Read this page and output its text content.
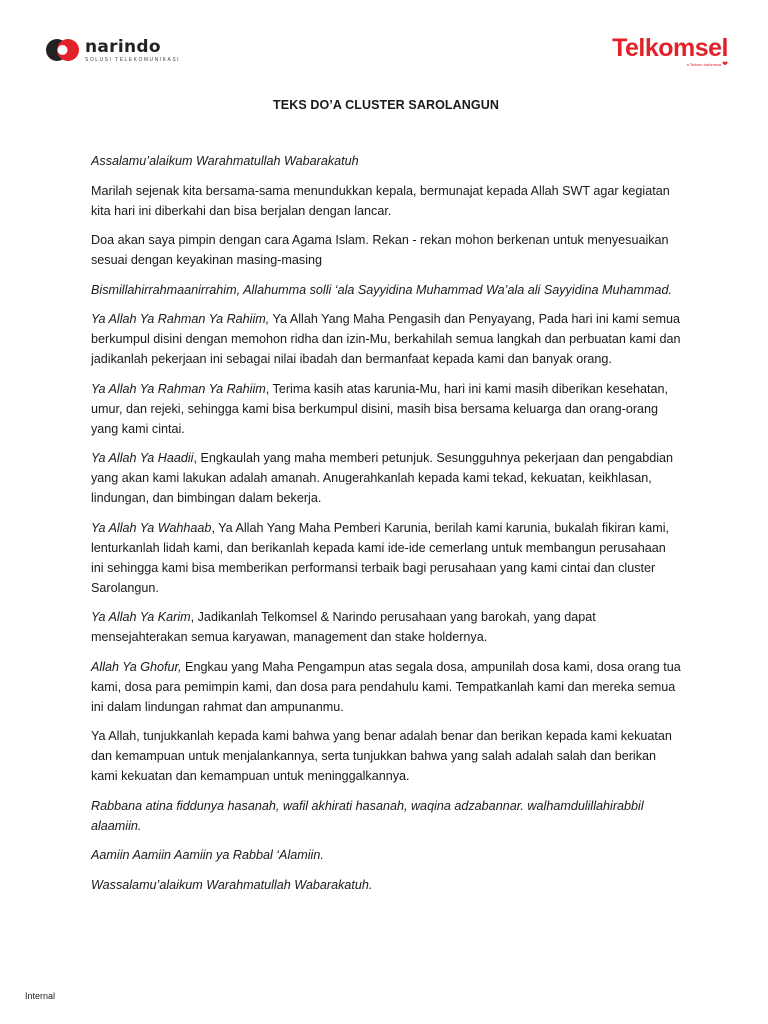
narindo
SOLUSI TELEKOMUNIKASI	Telkomsel
a Telkom Indonesia ❤
TEKS DO’A CLUSTER SAROLANGUN

Assalamu’alaikum Warahmatullah Wabarakatuh

Marilah sejenak kita bersama-sama menundukkan kepala, bermunajat kepada Allah SWT agar kegiatan kita hari ini diberkahi dan bisa berjalan dengan lancar.

Doa akan saya pimpin dengan cara Agama Islam. Rekan - rekan mohon berkenan untuk menyesuaikan sesuai dengan keyakinan masing-masing

Bismillahirrahmaanirrahim, Allahumma solli ‘ala Sayyidina Muhammad Wa’ala ali Sayyidina Muhammad.

Ya Allah Ya Rahman Ya Rahiim, Ya Allah Yang Maha Pengasih dan Penyayang, Pada hari ini kami semua berkumpul disini dengan memohon ridha dan izin-Mu, berkahilah semua langkah dan perbuatan kami dan jadikanlah pekerjaan ini sebagai nilai ibadah dan bermanfaat kepada kami dan banyak orang.

Ya Allah Ya Rahman Ya Rahiim, Terima kasih atas karunia-Mu, hari ini kami masih diberikan kesehatan, umur, dan rejeki, sehingga kami bisa berkumpul disini, masih bisa bersama keluarga dan orang-orang yang kami cintai.

Ya Allah Ya Haadii, Engkaulah yang maha memberi petunjuk. Sesungguhnya pekerjaan dan pengabdian yang akan kami lakukan adalah amanah. Anugerahkanlah kepada kami tekad, kekuatan, keikhlasan, lindungan, dan bimbingan dalam bekerja.

Ya Allah Ya Wahhaab, Ya Allah Yang Maha Pemberi Karunia, berilah kami karunia, bukalah fikiran kami, lenturkanlah lidah kami, dan berikanlah kepada kami ide-ide cemerlang untuk membangun perusahaan ini sehingga kami bisa memberikan performansi terbaik bagi perusahaan yang kami cintai dan cluster Sarolangun.

Ya Allah Ya Karim, Jadikanlah Telkomsel & Narindo perusahaan yang barokah, yang dapat mensejahterakan semua karyawan, management dan stake holdernya.

Allah Ya Ghofur, Engkau yang Maha Pengampun atas segala dosa, ampunilah dosa kami, dosa orang tua kami, dosa para pemimpin kami, dan dosa para pendahulu kami. Tempatkanlah kami dan mereka semua ini dalam lindungan rahmat dan ampunanmu.

Ya Allah, tunjukkanlah kepada kami bahwa yang benar adalah benar dan berikan kepada kami kekuatan dan kemampuan untuk menjalankannya, serta tunjukkan bahwa yang salah adalah salah dan berikan kami kekuatan dan kemampuan untuk meninggalkannya.

Rabbana atina fiddunya hasanah, wafil akhirati hasanah, waqina adzabannar. walhamdulillahirabbil alaamiin.

Aamiin Aamiin Aamiin ya Rabbal ‘Alamiin.

Wassalamu’alaikum Warahmatullah Wabarakatuh.

Internal
